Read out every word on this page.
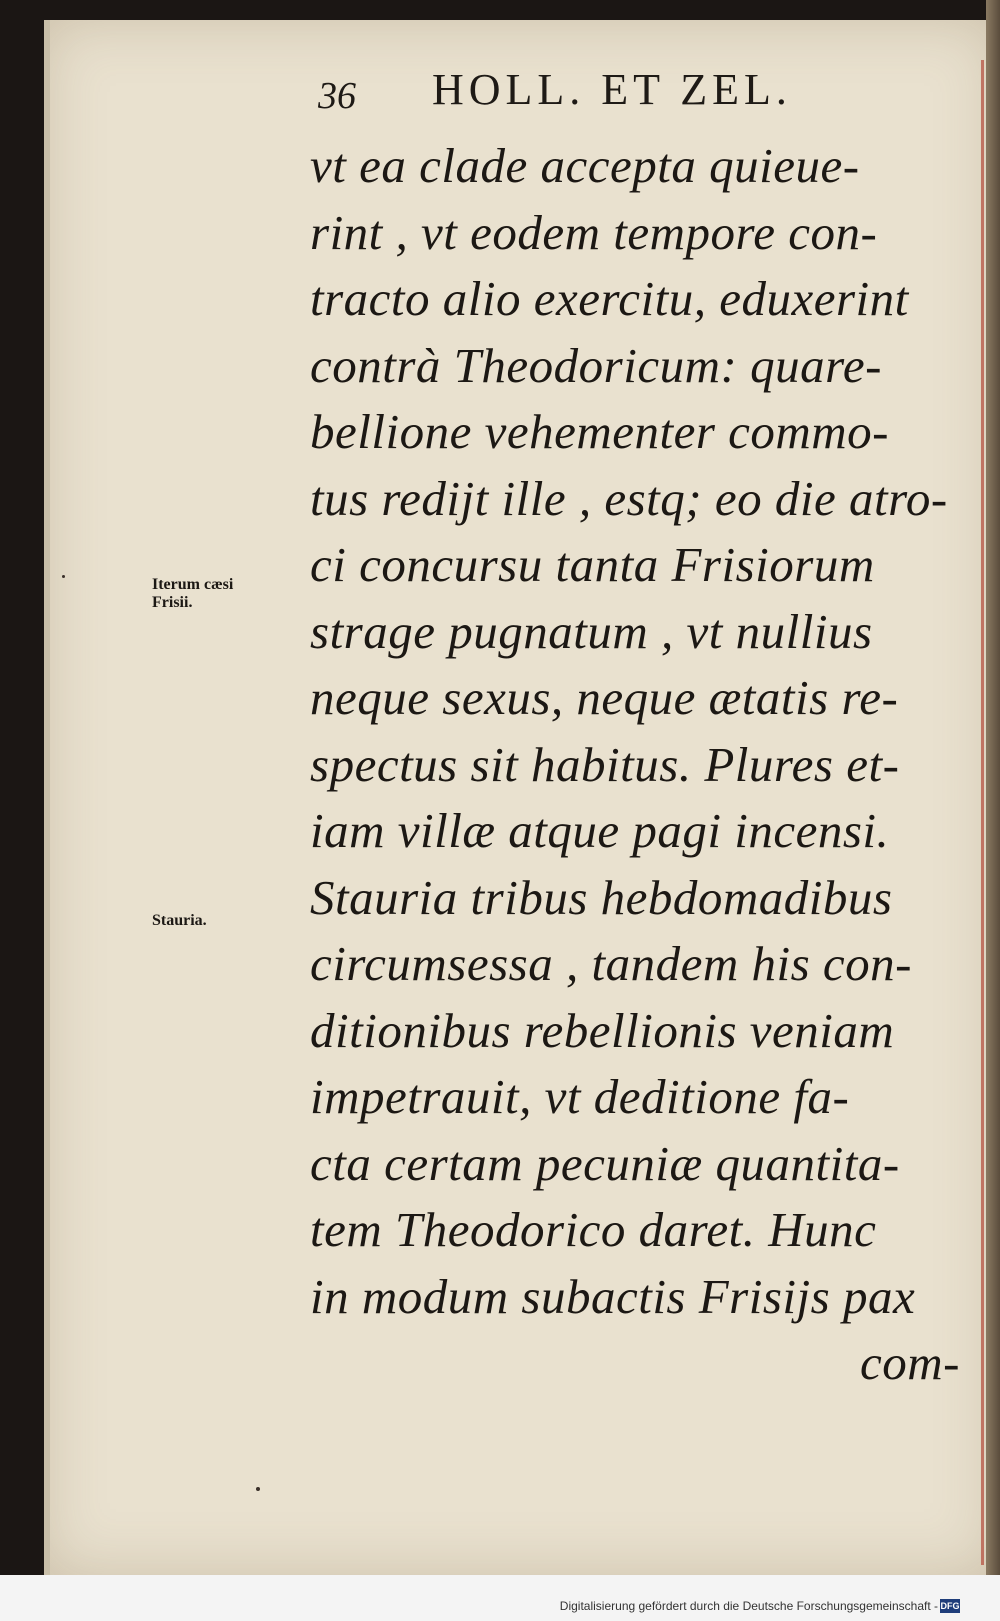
36 HOLL. ET ZEL.
vt ea clade accepta quieue-
rint , vt eodem tempore con-
tracto alio exercitu, eduxerint
contrà Theodoricum: quare-
bellione vehementer commo-
tus redijt ille , estq; eo die atro-
ci concursu tanta Frisiorum
strage pugnatum , vt nullius
neque sexus, neque ætatis re-
spectus sit habitus. Plures et-
iam villæ atque pagi incensi.
Stauria tribus hebdomadibus
circumsessa , tandem his con-
ditionibus rebellionis veniam
impetrauit, vt deditione fa-
cta certam pecuniæ quantita-
tem Theodorico daret. Hunc
in modum subactis Frisijs pax
com-
Iterum cæsi
Frisii.
Stauria.
Digitalisierung gefördert durch die Deutsche Forschungsgemeinschaft - DFG
